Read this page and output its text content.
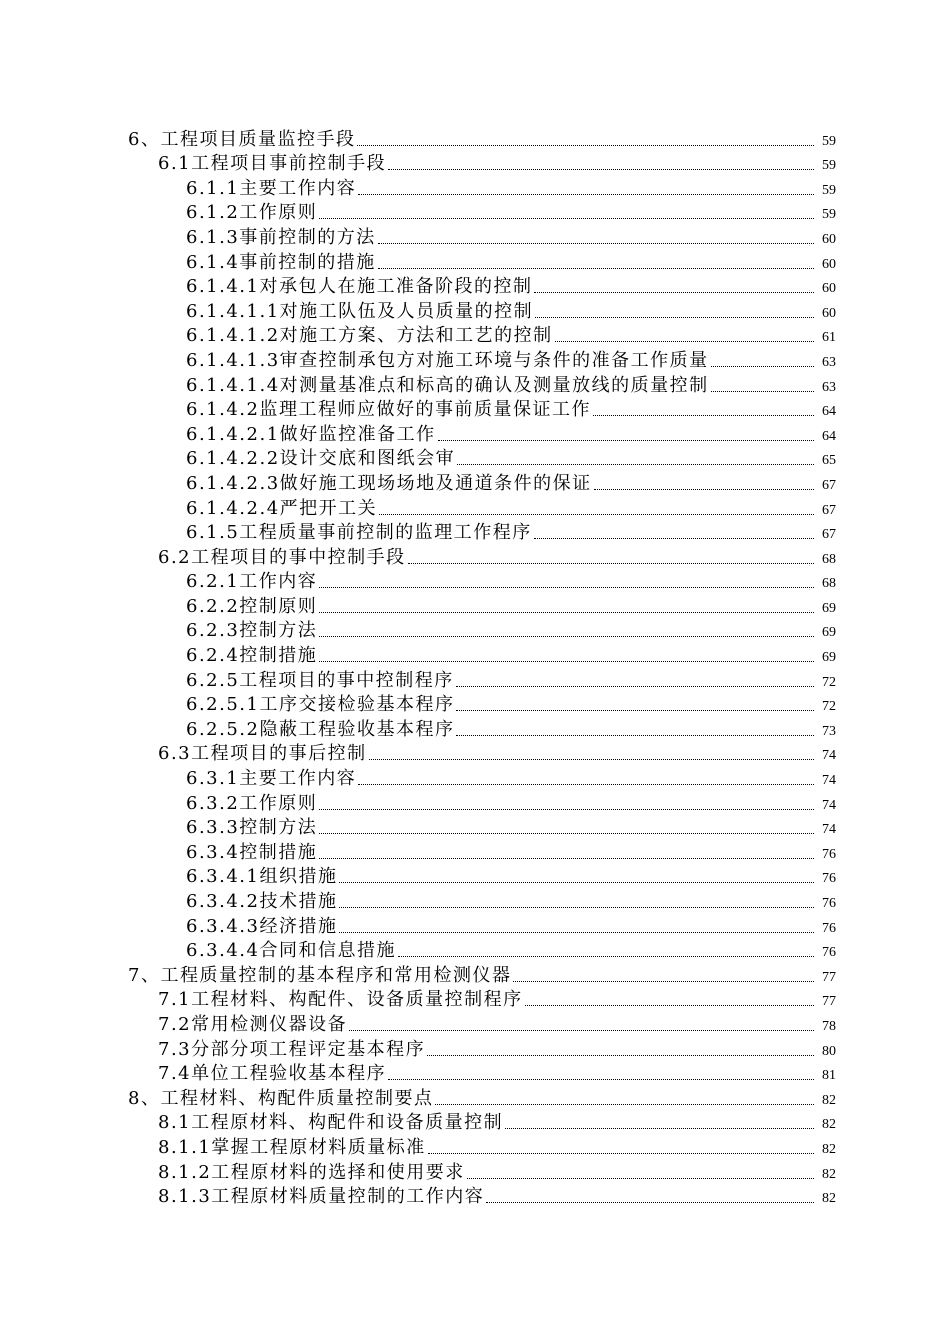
6、工程项目质量监控手段	59
6.1工程项目事前控制手段	59
6.1.1主要工作内容	59
6.1.2工作原则	59
6.1.3事前控制的方法	60
6.1.4事前控制的措施	60
6.1.4.1对承包人在施工准备阶段的控制	60
6.1.4.1.1对施工队伍及人员质量的控制	60
6.1.4.1.2对施工方案、方法和工艺的控制	61
6.1.4.1.3审查控制承包方对施工环境与条件的准备工作质量	63
6.1.4.1.4对测量基准点和标高的确认及测量放线的质量控制	63
6.1.4.2监理工程师应做好的事前质量保证工作	64
6.1.4.2.1做好监控准备工作	64
6.1.4.2.2设计交底和图纸会审	65
6.1.4.2.3做好施工现场场地及通道条件的保证	67
6.1.4.2.4严把开工关	67
6.1.5工程质量事前控制的监理工作程序	67
6.2工程项目的事中控制手段	68
6.2.1工作内容	68
6.2.2控制原则	69
6.2.3控制方法	69
6.2.4控制措施	69
6.2.5工程项目的事中控制程序	72
6.2.5.1工序交接检验基本程序	72
6.2.5.2隐蔽工程验收基本程序	73
6.3工程项目的事后控制	74
6.3.1主要工作内容	74
6.3.2工作原则	74
6.3.3控制方法	74
6.3.4控制措施	76
6.3.4.1组织措施	76
6.3.4.2技术措施	76
6.3.4.3经济措施	76
6.3.4.4合同和信息措施	76
7、工程质量控制的基本程序和常用检测仪器	77
7.1工程材料、构配件、设备质量控制程序	77
7.2常用检测仪器设备	78
7.3分部分项工程评定基本程序	80
7.4单位工程验收基本程序	81
8、工程材料、构配件质量控制要点	82
8.1工程原材料、构配件和设备质量控制	82
8.1.1掌握工程原材料质量标准	82
8.1.2工程原材料的选择和使用要求	82
8.1.3工程原材料质量控制的工作内容	82
